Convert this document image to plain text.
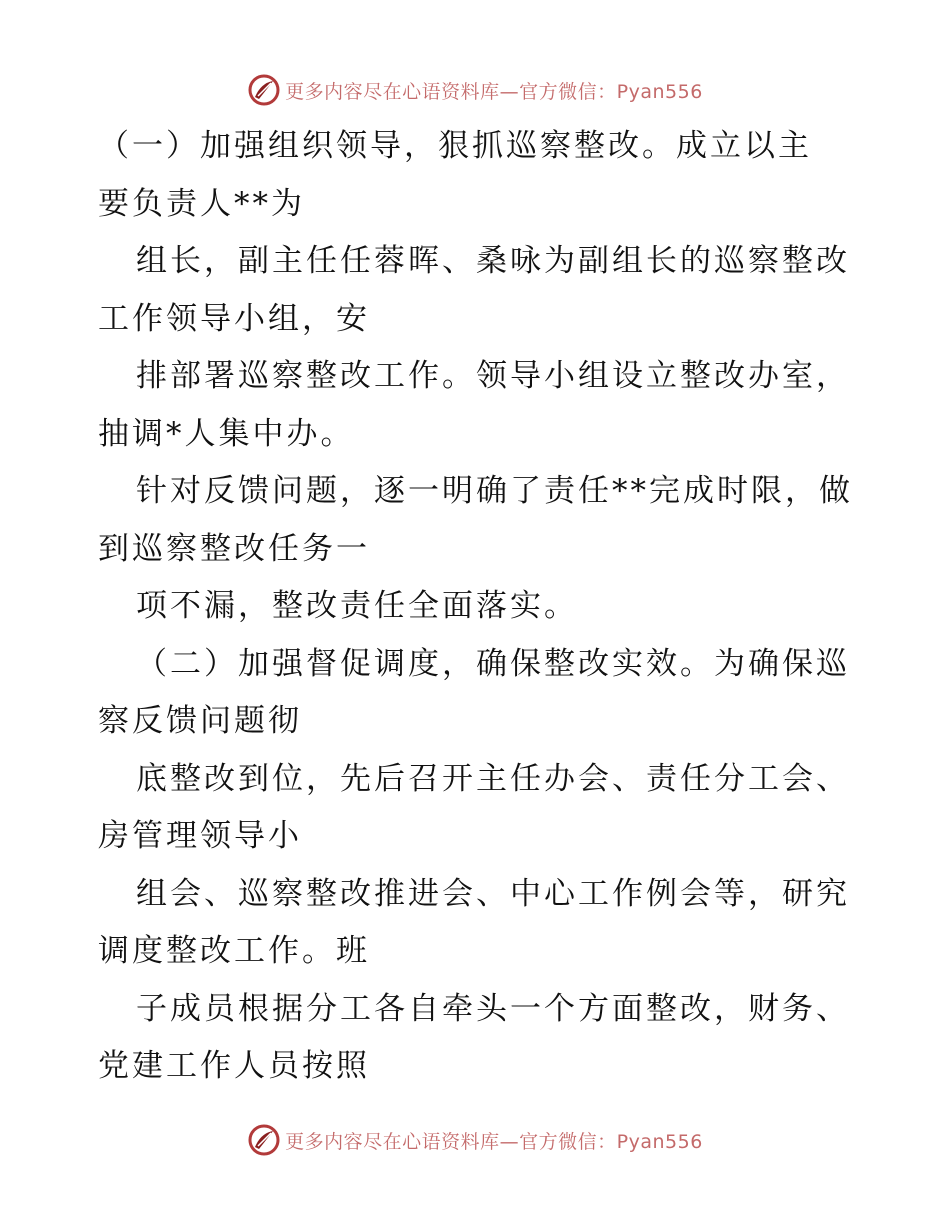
更多内容尽在心语资料库—官方微信：Pyan556
（一）加强组织领导，狠抓巡察整改。成立以主
要负责人**为
组长，副主任任蓉晖、桑咏为副组长的巡察整改
工作领导小组，安
排部署巡察整改工作。领导小组设立整改办室，
抽调*人集中办。
针对反馈问题，逐一明确了责任**完成时限，做
到巡察整改任务一
项不漏，整改责任全面落实。
（二）加强督促调度，确保整改实效。为确保巡
察反馈问题彻
底整改到位，先后召开主任办会、责任分工会、
房管理领导小
组会、巡察整改推进会、中心工作例会等，研究
调度整改工作。班
子成员根据分工各自牵头一个方面整改，财务、
党建工作人员按照
更多内容尽在心语资料库—官方微信：Pyan556
